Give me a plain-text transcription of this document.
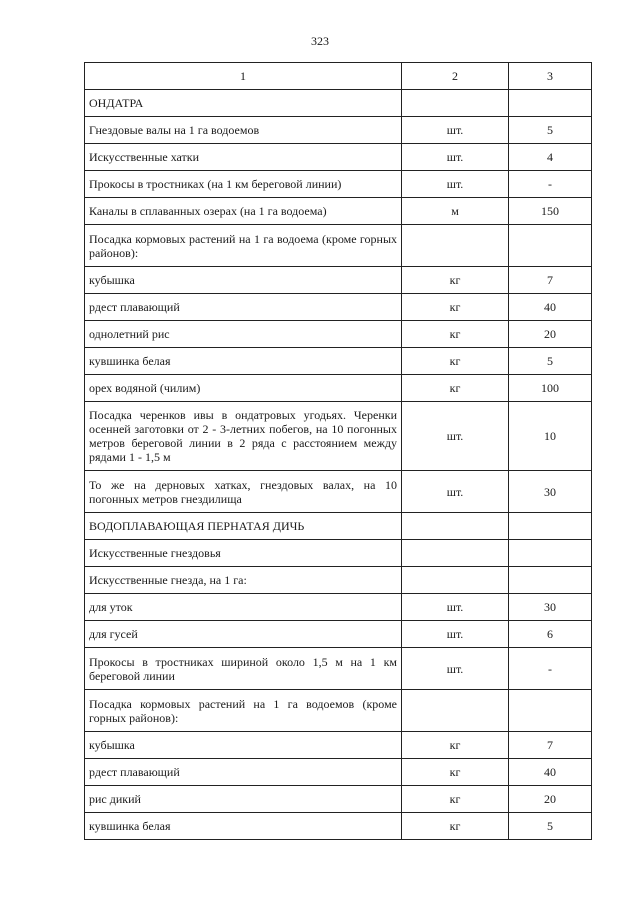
323
1	2	3
ОНДАТРА		
Гнездовые валы на 1 га водоемов	шт.	5
Искусственные хатки	шт.	4
Прокосы в тростниках (на 1 км береговой линии)	шт.	-
Каналы в сплаванных озерах (на 1 га водоема)	м	150
Посадка кормовых растений на 1 га водоема (кроме горных районов):		
кубышка	кг	7
рдест плавающий	кг	40
однолетний рис	кг	20
кувшинка белая	кг	5
орех водяной (чилим)	кг	100
Посадка черенков ивы в ондатровых угодьях. Черенки осенней заготовки от 2 - 3-летних побегов, на 10 погонных метров береговой линии в 2 ряда с расстоянием между рядами 1 - 1,5 м	шт.	10
То же на дерновых хатках, гнездовых валах, на 10 погонных метров гнездилища	шт.	30
ВОДОПЛАВАЮЩАЯ ПЕРНАТАЯ ДИЧЬ		
Искусственные гнездовья		
Искусственные гнезда, на 1 га:		
для уток	шт.	30
для гусей	шт.	6
Прокосы в тростниках шириной около 1,5 м на 1 км береговой линии	шт.	-
Посадка кормовых растений на 1 га водоемов (кроме горных районов):		
кубышка	кг	7
рдест плавающий	кг	40
рис дикий	кг	20
кувшинка белая	кг	5
